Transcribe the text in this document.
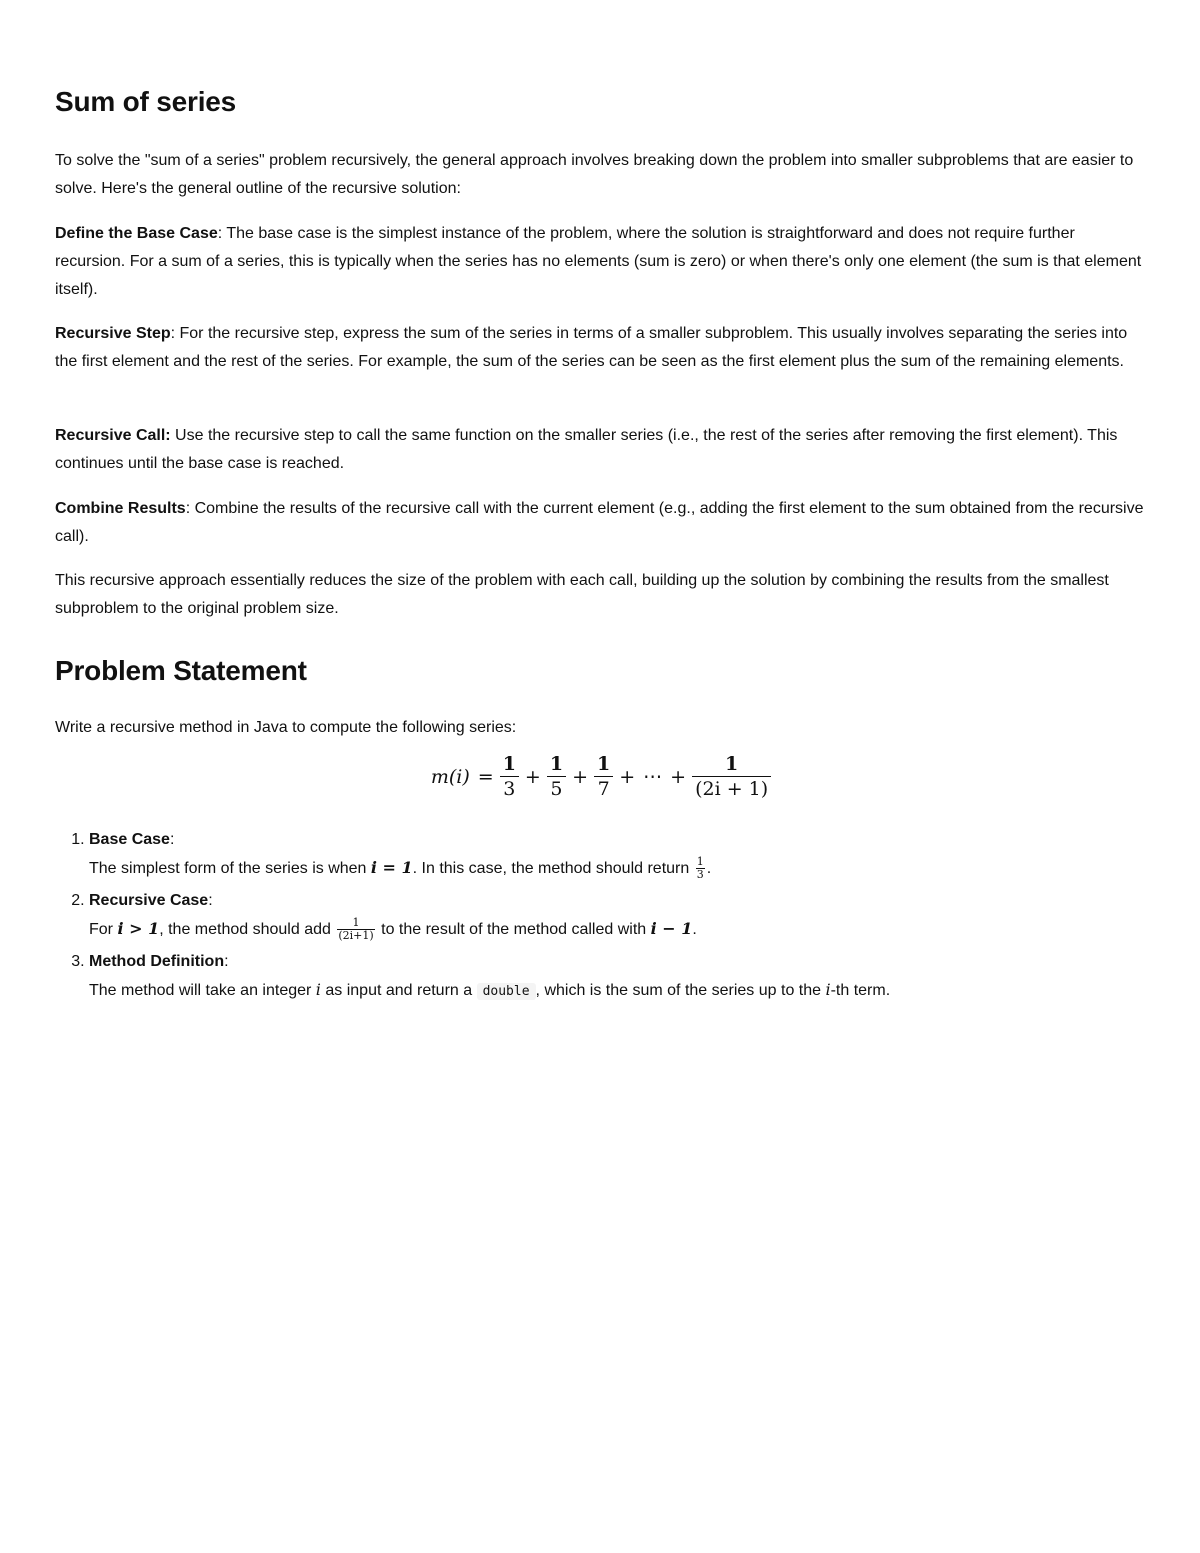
Sum of series

To solve the "sum of a series" problem recursively, the general approach involves breaking down the problem into smaller subproblems that are easier to solve. Here's the general outline of the recursive solution:

Define the Base Case: The base case is the simplest instance of the problem, where the solution is straightforward and does not require further recursion. For a sum of a series, this is typically when the series has no elements (sum is zero) or when there's only one element (the sum is that element itself).

Recursive Step: For the recursive step, express the sum of the series in terms of a smaller subproblem. This usually involves separating the series into the first element and the rest of the series. For example, the sum of the series can be seen as the first element plus the sum of the remaining elements.

Recursive Call: Use the recursive step to call the same function on the smaller series (i.e., the rest of the series after removing the first element). This continues until the base case is reached.

Combine Results: Combine the results of the recursive call with the current element (e.g., adding the first element to the sum obtained from the recursive call).

This recursive approach essentially reduces the size of the problem with each call, building up the solution by combining the results from the smallest subproblem to the original problem size.

Problem Statement

Write a recursive method in Java to compute the following series:

$m(i) = \frac{1}{3} + \frac{1}{5} + \frac{1}{7}$ + ⋯ + $\frac{1}{(2i + 1)}$
1. Base Case:
The simplest form of the series is when i = 1. In this case, the method should return $\frac{1}{3}$ .
2. Recursive Case:
For i > 1, the method should add $\frac{1}{(2i+1)}$ to the result of the method called with i − 1.
3. Method Definition:
The method will take an integer i as input and return a double , which is the sum of the series up to the i-th term.
